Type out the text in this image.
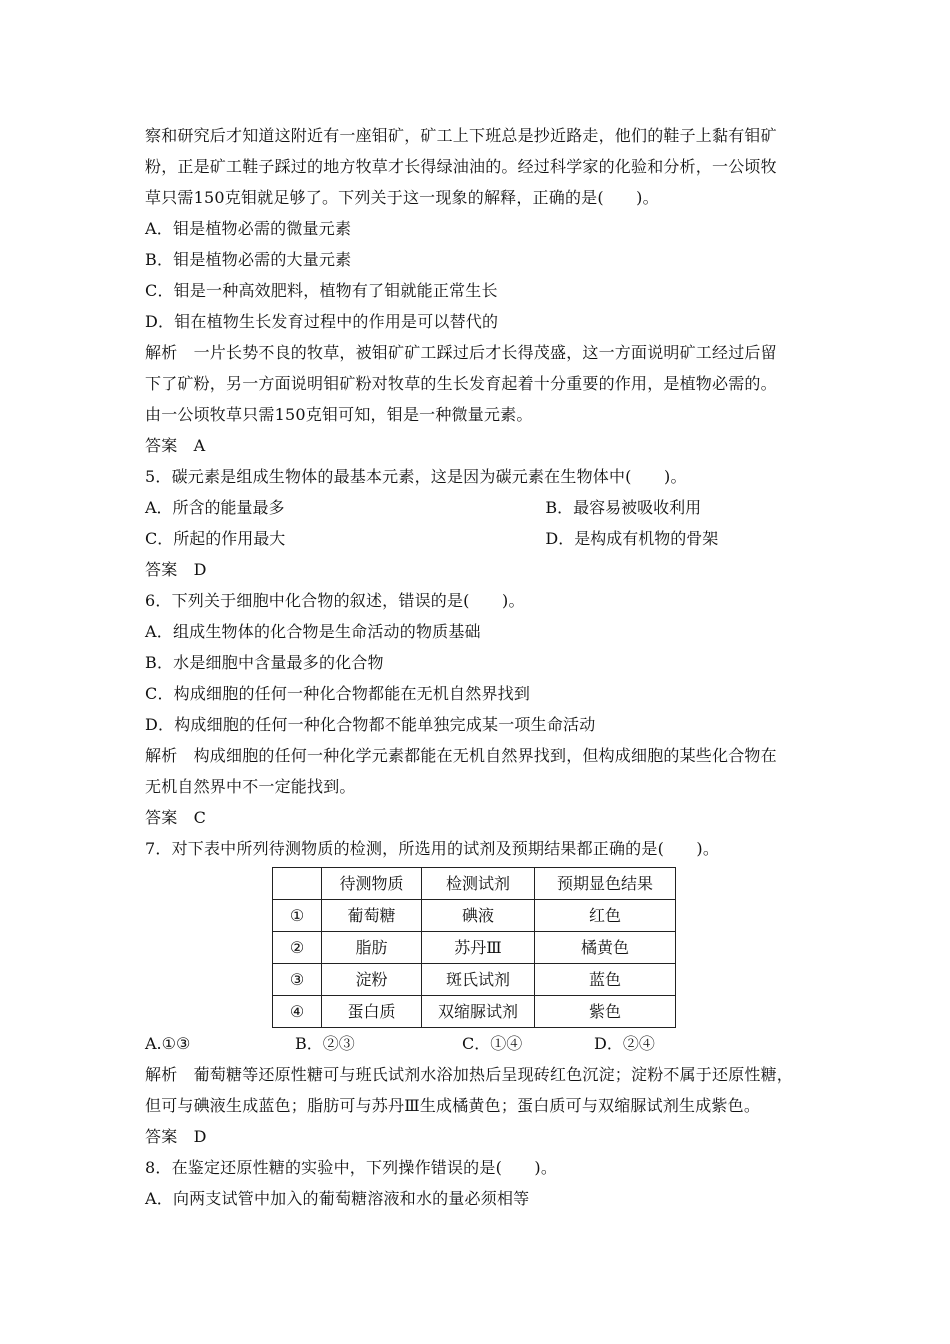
察和研究后才知道这附近有一座钼矿，矿工上下班总是抄近路走，他们的鞋子上黏有钼矿
粉，正是矿工鞋子踩过的地方牧草才长得绿油油的。经过科学家的化验和分析，一公顷牧
草只需150克钼就足够了。下列关于这一现象的解释，正确的是(　　)。
A．钼是植物必需的微量元素
B．钼是植物必需的大量元素
C．钼是一种高效肥料，植物有了钼就能正常生长
D．钼在植物生长发育过程中的作用是可以替代的
解析　一片长势不良的牧草，被钼矿矿工踩过后才长得茂盛，这一方面说明矿工经过后留
下了矿粉，另一方面说明钼矿粉对牧草的生长发育起着十分重要的作用，是植物必需的。
由一公顷牧草只需150克钼可知，钼是一种微量元素。
答案　A
5．碳元素是组成生物体的最基本元素，这是因为碳元素在生物体中(　　)。
A．所含的能量最多	B．最容易被吸收利用
C．所起的作用最大	D．是构成有机物的骨架
答案　D
6．下列关于细胞中化合物的叙述，错误的是(　　)。
A．组成生物体的化合物是生命活动的物质基础
B．水是细胞中含量最多的化合物
C．构成细胞的任何一种化合物都能在无机自然界找到
D．构成细胞的任何一种化合物都不能单独完成某一项生命活动
解析　构成细胞的任何一种化学元素都能在无机自然界找到，但构成细胞的某些化合物在
无机自然界中不一定能找到。
答案　C
7．对下表中所列待测物质的检测，所选用的试剂及预期结果都正确的是(　　)。
	待测物质	检测试剂	预期显色结果
①	葡萄糖	碘液	红色
②	脂肪	苏丹Ⅲ	橘黄色
③	淀粉	斑氏试剂	蓝色
④	蛋白质	双缩脲试剂	紫色
A.①③	B．②③	C．①④	D．②④
解析　葡萄糖等还原性糖可与班氏试剂水浴加热后呈现砖红色沉淀；淀粉不属于还原性糖，
但可与碘液生成蓝色；脂肪可与苏丹Ⅲ生成橘黄色；蛋白质可与双缩脲试剂生成紫色。
答案　D
8．在鉴定还原性糖的实验中，下列操作错误的是(　　)。
A．向两支试管中加入的葡萄糖溶液和水的量必须相等
